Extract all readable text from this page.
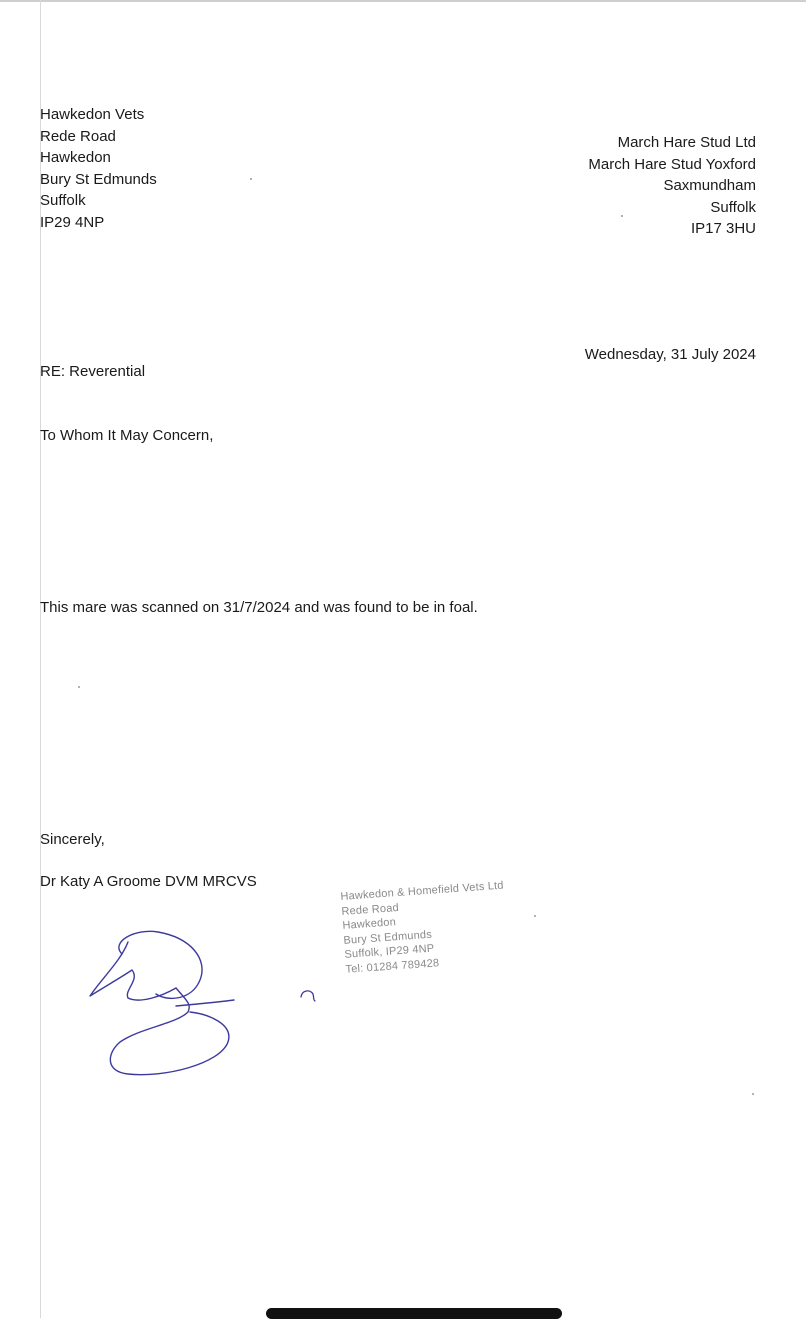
Hawkedon Vets
Rede Road
Hawkedon
Bury St Edmunds
Suffolk
IP29 4NP
March Hare Stud Ltd
March Hare Stud Yoxford
Saxmundham
Suffolk
IP17 3HU
Wednesday, 31 July 2024
RE: Reverential
To Whom It May Concern,
This mare was scanned on 31/7/2024 and was found to be in foal.
Sincerely,
Dr Katy A Groome DVM MRCVS	Hawkedon & Homefield Vets Ltd
Rede Road
Hawkedon
Bury St Edmunds
Suffolk, IP29 4NP
Tel: 01284 789428
